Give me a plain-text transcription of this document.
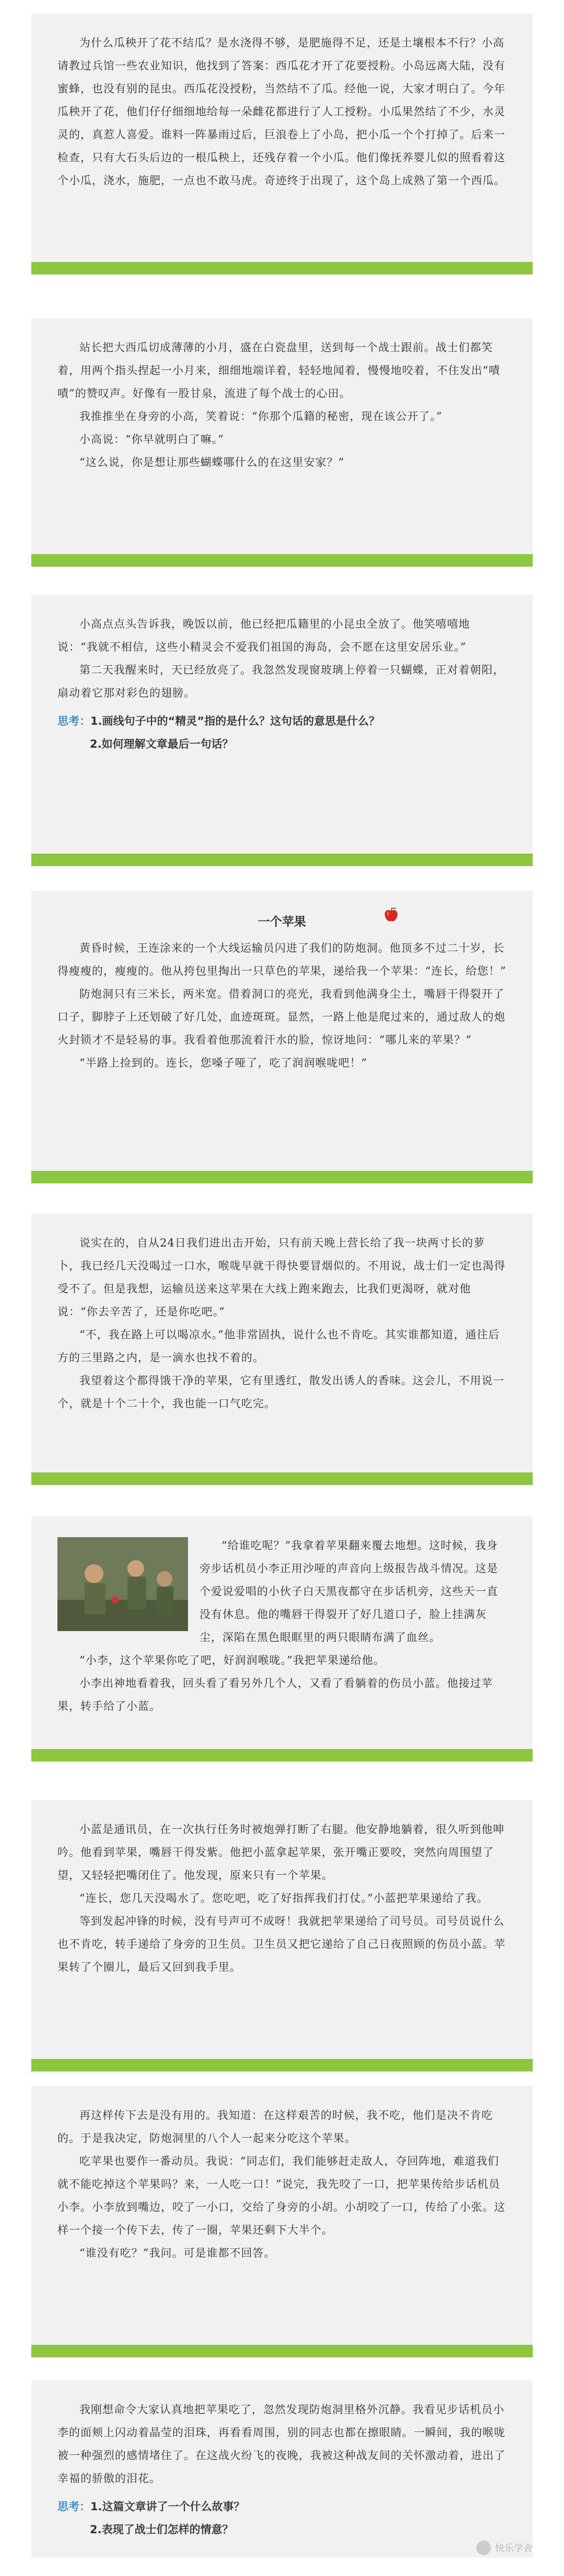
为什么瓜秧开了花不结瓜？是水浇得不够，是肥施得不足，还是土壤根本不行？小高请教过兵馆一些农业知识，他找到了答案：西瓜花才开了花要授粉。小岛远离大陆，没有蜜蜂，也没有别的昆虫。西瓜花没授粉，当然结不了瓜。经他一说，大家才明白了。今年瓜秧开了花，他们仔仔细细地给每一朵雌花都进行了人工授粉。小瓜果然结了不少，水灵灵的，真惹人喜爱。谁料一阵暴雨过后，巨浪卷上了小岛，把小瓜一个个打掉了。后来一检查，只有大石头后边的一根瓜秧上，还残存着一个小瓜。他们像抚养婴儿似的照看着这个小瓜，浇水，施肥，一点也不敢马虎。奇迹终于出现了，这个岛上成熟了第一个西瓜。

站长把大西瓜切成薄薄的小月，盛在白瓷盘里，送到每一个战士跟前。战士们都笑着，用两个指头捏起一小月来，细细地端详着，轻轻地闻着，慢慢地咬着，不住发出“嘖嘖”的赞叹声。好像有一股甘泉，流进了每个战士的心田。

我推推坐在身旁的小高，笑着说：“你那个瓜籍的秘密，现在该公开了。”

小高说：“你早就明白了嘛。”

“这么说，你是想让那些蝴蝶哪什么的在这里安家？”

小高点点头告诉我，晚饭以前，他已经把瓜籍里的小昆虫全放了。他笑嘻嘻地说：“我就不相信，这些小精灵会不爱我们祖国的海岛，会不愿在这里安居乐业。”

第二天我醒来时，天已经放亮了。我忽然发现窗玻璃上停着一只蝴蝶，正对着朝阳，扇动着它那对彩色的翅膀。

思考：1.画线句子中的“精灵”指的是什么？这句话的意思是什么？
2.如何理解文章最后一句话？
一个苹果

黄昏时候，王连涂来的一个大线运输员闪进了我们的防炮洞。他顶多不过二十岁，长得瘦瘦的，瘦瘦的。他从挎包里掏出一只草色的苹果，递给我一个苹果：“连长，给您！”

防炮洞只有三米长，两米宽。借着洞口的亮光，我看到他满身尘土，嘴唇干得裂开了口子，脚脖子上还划破了好几处，血迹斑斑。显然，一路上他是爬过来的，通过敌人的炮火封锁才不是轻易的事。我看着他那流着汗水的脸，惊讶地问：“哪儿来的苹果？”

“半路上捡到的。连长，您嗓子哑了，吃了润润喉咙吧！”

说实在的，自从24日我们进出击开始，只有前天晚上营长给了我一块两寸长的萝卜，我已经几天没喝过一口水，喉咙早就干得快要冒烟似的。不用说，战士们一定也渴得受不了。但是我想，运输员送来这苹果在大线上跑来跑去，比我们更渴呀，就对他说：“你去辛苦了，还是你吃吧。”

“不，我在路上可以喝凉水。”他非常固执，说什么也不肯吃。其实谁都知道，通往后方的三里路之内，是一滴水也找不着的。

我望着这个都得饿干净的苹果，它有里透红，散发出诱人的香味。这会儿，不用说一个，就是十个二十个，我也能一口气吃完。

“给谁吃呢？”我拿着苹果翻来覆去地想。这时候，我身旁步话机员小李正用沙哑的声音向上级报告战斗情况。这是个爱说爱唱的小伙子白天黑夜都守在步话机旁，这些天一直没有休息。他的嘴唇干得裂开了好几道口子，脸上挂满灰尘，深陷在黑色眼眶里的两只眼睛布满了血丝。

“小李，这个苹果你吃了吧，好润润喉咙。”我把苹果递给他。

小李出神地看着我，回头看了看另外几个人，又看了看躺着的伤员小蓝。他接过苹果，转手给了小蓝。

小蓝是通讯员，在一次执行任务时被炮弹打断了右腿。他安静地躺着，很久听到他呻吟。他看到苹果，嘴唇干得发紫。他把小蓝拿起苹果，张开嘴正要咬，突然向周围望了望，又轻轻把嘴闭住了。他发现，原来只有一个苹果。

“连长，您几天没喝水了。您吃吧，吃了好指挥我们打仗。”小蓝把苹果递给了我。

等到发起冲锋的时候，没有号声可不成呀！我就把苹果递给了司号员。司号员说什么也不肯吃，转手递给了身旁的卫生员。卫生员又把它递给了自己日夜照顾的伤员小蓝。苹果转了个圈儿，最后又回到我手里。

再这样传下去是没有用的。我知道：在这样艰苦的时候，我不吃，他们是决不肯吃的。于是我决定，防炮洞里的八个人一起来分吃这个苹果。

吃苹果也要作一番动员。我说：“同志们，我们能够赶走敌人，夺回阵地，难道我们就不能吃掉这个苹果吗？来，一人吃一口！”说完，我先咬了一口，把苹果传给步话机员小李。小李放到嘴边，咬了一小口，交给了身旁的小胡。小胡咬了一口，传给了小张。这样一个接一个传下去，传了一圈，苹果还剩下大半个。

“谁没有吃？”我问。可是谁都不回答。

我刚想命令大家认真地把苹果吃了，忽然发现防炮洞里格外沉静。我看见步话机员小李的面颊上闪动着晶莹的泪珠，再看看周围，别的同志也都在擦眼睛。一瞬间，我的喉咙被一种强烈的感情堵住了。在这战火纷飞的夜晚，我被这种战友间的关怀激动着，进出了幸福的骄傲的泪花。

思考：1.这篇文章讲了一个什么故事？
2.表现了战士们怎样的情意？
快乐学舍
